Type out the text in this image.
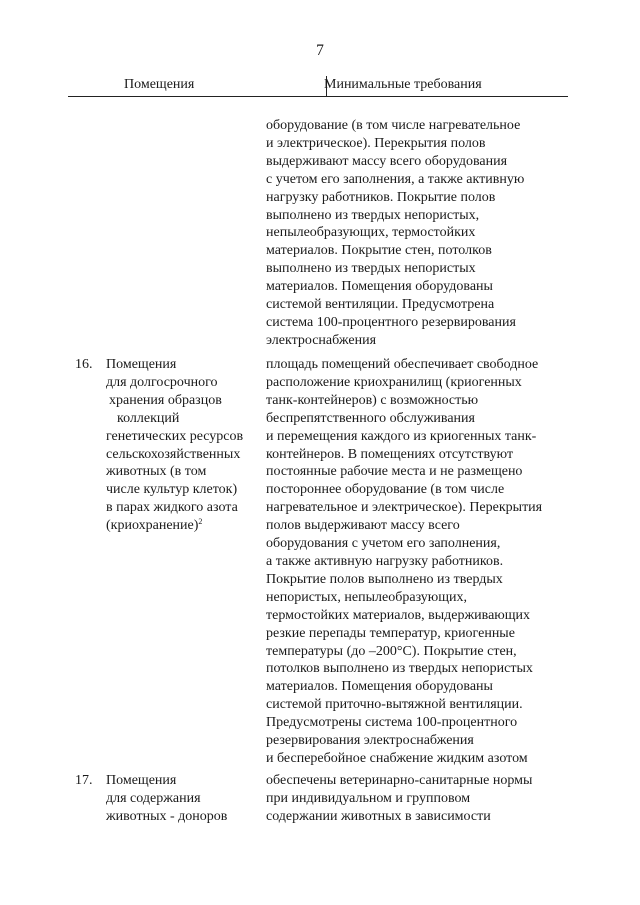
7
Помещения	Минимальные требования
оборудование (в том числе нагревательное
и электрическое). Перекрытия полов
выдерживают массу всего оборудования
с учетом его заполнения, а также активную
нагрузку работников. Покрытие полов
выполнено из твердых непористых,
непылеобразующих, термостойких
материалов. Покрытие стен, потолков
выполнено из твердых непористых
материалов. Помещения оборудованы
системой вентиляции. Предусмотрена
система 100-процентного резервирования
электроснабжения
16. Помещения
для долгосрочного
хранения образцов
коллекций
генетических ресурсов
сельскохозяйственных
животных (в том
числе культур клеток)
в парах жидкого азота
(криохранение)$^2$
площадь помещений обеспечивает свободное
расположение криохранилищ (криогенных
танк-контейнеров) с возможностью
беспрепятственного обслуживания
и перемещения каждого из криогенных танк-
контейнеров. В помещениях отсутствуют
постоянные рабочие места и не размещено
постороннее оборудование (в том числе
нагревательное и электрическое). Перекрытия
полов выдерживают массу всего
оборудования с учетом его заполнения,
а также активную нагрузку работников.
Покрытие полов выполнено из твердых
непористых, непылеобразующих,
термостойких материалов, выдерживающих
резкие перепады температур, криогенные
температуры (до –200°С). Покрытие стен,
потолков выполнено из твердых непористых
материалов. Помещения оборудованы
системой приточно-вытяжной вентиляции.
Предусмотрены система 100-процентного
резервирования электроснабжения
и бесперебойное снабжение жидким азотом
17. Помещения
для содержания
животных - доноров
обеспечены ветеринарно-санитарные нормы
при индивидуальном и групповом
содержании животных в зависимости
